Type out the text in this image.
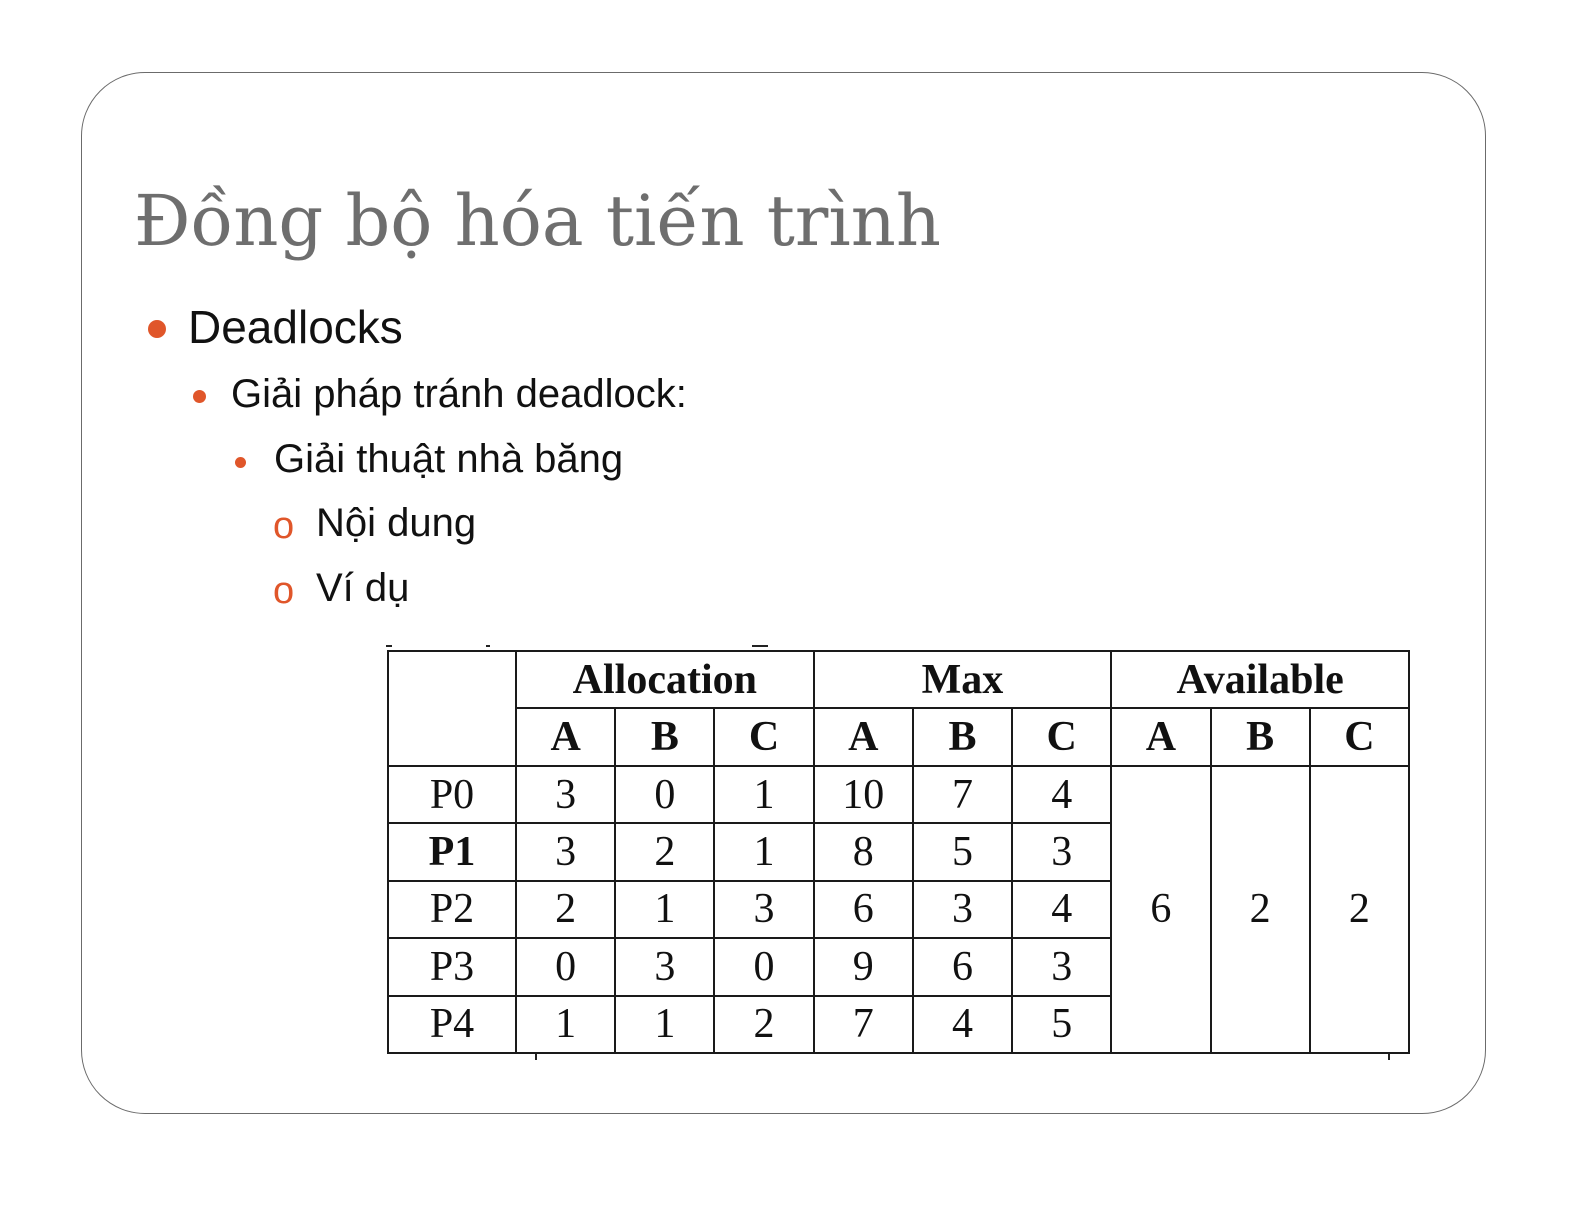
Đồng bộ hóa tiến trình
Deadlocks
Giải pháp tránh deadlock:
Giải thuật nhà băng
o Nội dung
o Ví dụ
	Allocation			Max			Available		
	A	B	C	A	B	C	A	B	C
P0	3	0	1	10	7	4	6	2	2
P1	3	2	1	8	5	3			
P2	2	1	3	6	3	4			
P3	0	3	0	9	6	3			
P4	1	1	2	7	4	5			
